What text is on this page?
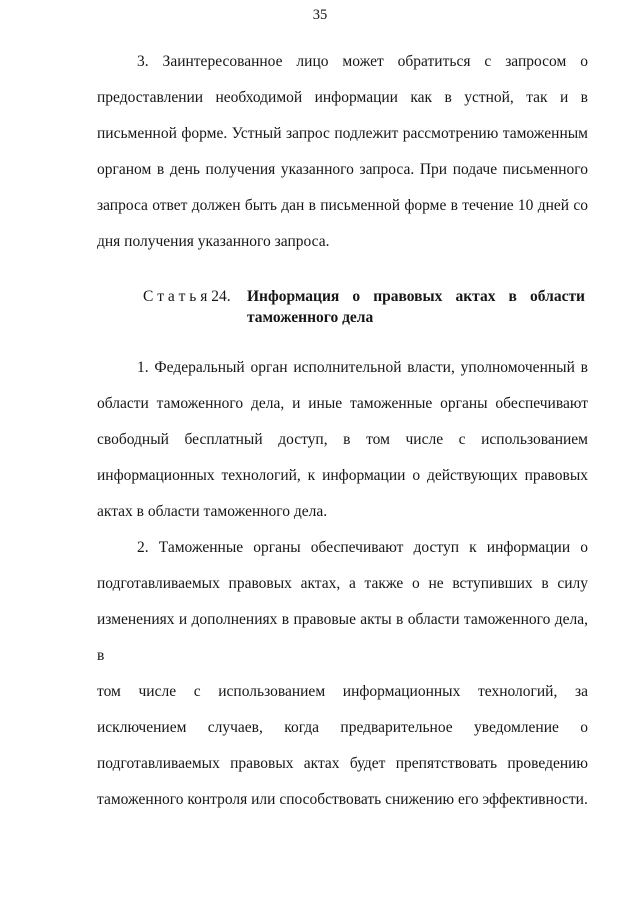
35
3. Заинтересованное лицо может обратиться с запросом о
предоставлении необходимой информации как в устной, так и в
письменной форме. Устный запрос подлежит рассмотрению таможенным
органом в день получения указанного запроса. При подаче письменного
запроса ответ должен быть дан в письменной форме в течение 10 дней со
дня получения указанного запроса.
С т а т ь я 24.	Информация о правовых актах в области
таможенного дела
1. Федеральный орган исполнительной власти, уполномоченный в
области таможенного дела, и иные таможенные органы обеспечивают
свободный бесплатный доступ, в том числе с использованием
информационных технологий, к информации о действующих правовых
актах в области таможенного дела.
2. Таможенные органы обеспечивают доступ к информации о
подготавливаемых правовых актах, а также о не вступивших в силу
изменениях и дополнениях в правовые акты в области таможенного дела, в
том числе с использованием информационных технологий, за
исключением случаев, когда предварительное уведомление о
подготавливаемых правовых актах будет препятствовать проведению
таможенного контроля или способствовать снижению его эффективности.
